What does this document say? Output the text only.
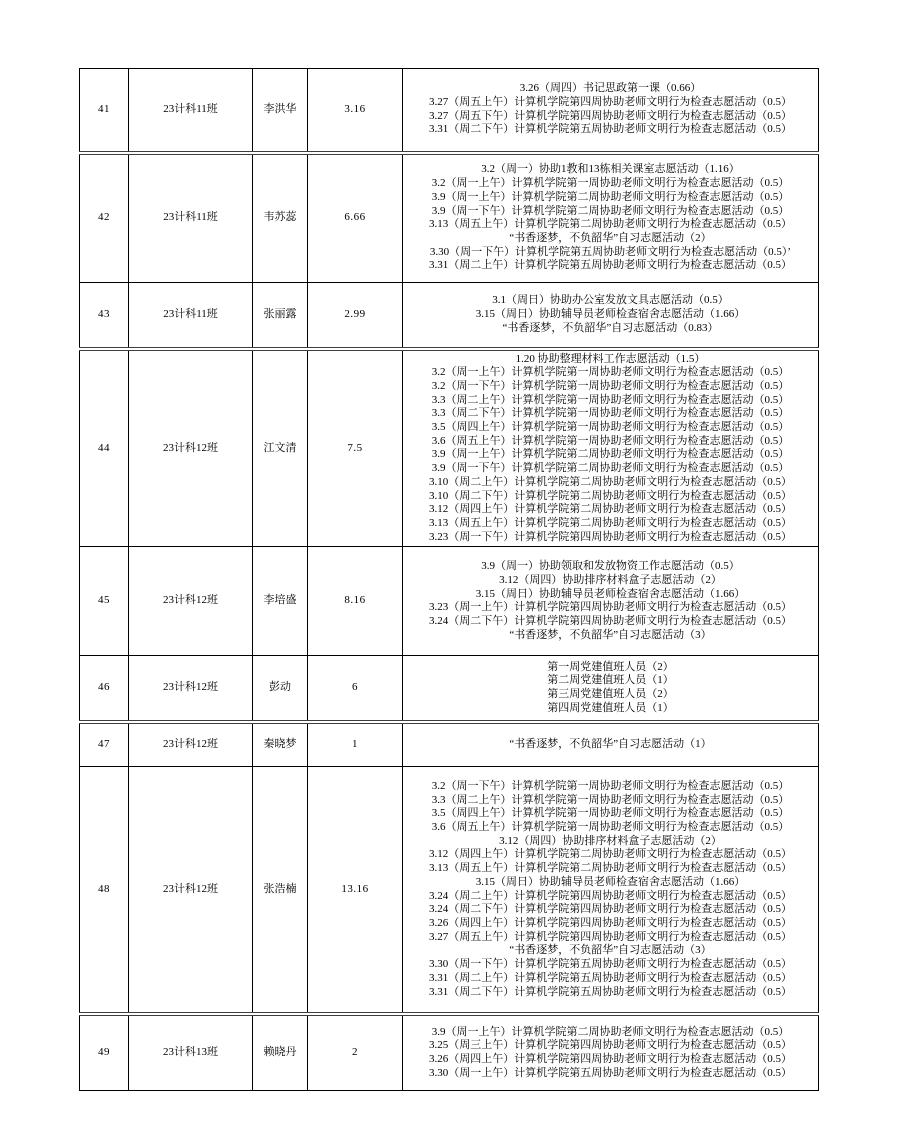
41	23计科11班	李洪华	3.16	3.26（周四）书记思政第一课（0.66）
3.27（周五上午）计算机学院第四周协助老师文明行为检查志愿活动（0.5）
3.27（周五下午）计算机学院第四周协助老师文明行为检查志愿活动（0.5）
3.31（周二下午）计算机学院第五周协助老师文明行为检查志愿活动（0.5）

42	23计科11班	韦苏蕊	6.66	
3.2（周一）协助1教和13栋相关课室志愿活动（1.16）
3.2（周一上午）计算机学院第一周协助老师文明行为检查志愿活动（0.5）
3.9（周一上午）计算机学院第二周协助老师文明行为检查志愿活动（0.5）
3.9（周一下午）计算机学院第二周协助老师文明行为检查志愿活动（0.5）
3.13（周五上午）计算机学院第二周协助老师文明行为检查志愿活动（0.5）
“书香逐梦，不负韶华”自习志愿活动（2）
3.30（周一下午）计算机学院第五周协助老师文明行为检查志愿活动（0.5）’
3.31（周二上午）计算机学院第五周协助老师文明行为检查志愿活动（0.5）

43	23计科11班	张丽露	2.99	3.1（周日）协助办公室发放文具志愿活动（0.5）
3.15（周日）协助辅导员老师检查宿舍志愿活动（1.66）
“书香逐梦，不负韶华”自习志愿活动（0.83）

44	23计科12班	江文清	7.5	
1.20 协助整理材料工作志愿活动（1.5）
3.2（周一上午）计算机学院第一周协助老师文明行为检查志愿活动（0.5）
3.2（周一下午）计算机学院第一周协助老师文明行为检查志愿活动（0.5）
3.3（周二上午）计算机学院第一周协助老师文明行为检查志愿活动（0.5）
3.3（周二下午）计算机学院第一周协助老师文明行为检查志愿活动（0.5）
3.5（周四上午）计算机学院第一周协助老师文明行为检查志愿活动（0.5）
3.6（周五上午）计算机学院第一周协助老师文明行为检查志愿活动（0.5）
3.9（周一上午）计算机学院第二周协助老师文明行为检查志愿活动（0.5）
3.9（周一下午）计算机学院第二周协助老师文明行为检查志愿活动（0.5）
3.10（周二上午）计算机学院第二周协助老师文明行为检查志愿活动（0.5）
3.10（周二下午）计算机学院第二周协助老师文明行为检查志愿活动（0.5）
3.12（周四上午）计算机学院第二周协助老师文明行为检查志愿活动（0.5）
3.13（周五上午）计算机学院第二周协助老师文明行为检查志愿活动（0.5）
3.23（周一下午）计算机学院第四周协助老师文明行为检查志愿活动（0.5）

45	23计科12班	李培盛	8.16	
3.9（周一）协助领取和发放物资工作志愿活动（0.5）
3.12（周四）协助排序材料盒子志愿活动（2）
3.15（周日）协助辅导员老师检查宿舍志愿活动（1.66）
3.23（周一上午）计算机学院第四周协助老师文明行为检查志愿活动（0.5）
3.24（周二下午）计算机学院第四周协助老师文明行为检查志愿活动（0.5）
“书香逐梦，不负韶华”自习志愿活动（3）

46	23计科12班	彭动	6	第一周党建值班人员（2）
第二周党建值班人员（1）
第三周党建值班人员（2）
第四周党建值班人员（1）

47	23计科12班	秦晓梦	1	“书香逐梦，不负韶华”自习志愿活动（1）

48	23计科12班	张浩楠	13.16	
3.2（周一下午）计算机学院第一周协助老师文明行为检查志愿活动（0.5）
3.3（周二上午）计算机学院第一周协助老师文明行为检查志愿活动（0.5）
3.5（周四上午）计算机学院第一周协助老师文明行为检查志愿活动（0.5）
3.6（周五上午）计算机学院第一周协助老师文明行为检查志愿活动（0.5）
3.12（周四）协助排序材料盒子志愿活动（2）
3.12（周四上午）计算机学院第二周协助老师文明行为检查志愿活动（0.5）
3.13（周五上午）计算机学院第二周协助老师文明行为检查志愿活动（0.5）
3.15（周日）协助辅导员老师检查宿舍志愿活动（1.66）
3.24（周二上午）计算机学院第四周协助老师文明行为检查志愿活动（0.5）
3.24（周二下午）计算机学院第四周协助老师文明行为检查志愿活动（0.5）
3.26（周四上午）计算机学院第四周协助老师文明行为检查志愿活动（0.5）
3.27（周五上午）计算机学院第四周协助老师文明行为检查志愿活动（0.5）
“书香逐梦，不负韶华”自习志愿活动（3）
3.30（周一下午）计算机学院第五周协助老师文明行为检查志愿活动（0.5）
3.31（周二上午）计算机学院第五周协助老师文明行为检查志愿活动（0.5）
3.31（周二下午）计算机学院第五周协助老师文明行为检查志愿活动（0.5）

49	23计科13班	赖晓丹	2	3.9（周一上午）计算机学院第二周协助老师文明行为检查志愿活动（0.5）
3.25（周三上午）计算机学院第四周协助老师文明行为检查志愿活动（0.5）
3.26（周四上午）计算机学院第四周协助老师文明行为检查志愿活动（0.5）
3.30（周一上午）计算机学院第五周协助老师文明行为检查志愿活动（0.5）
